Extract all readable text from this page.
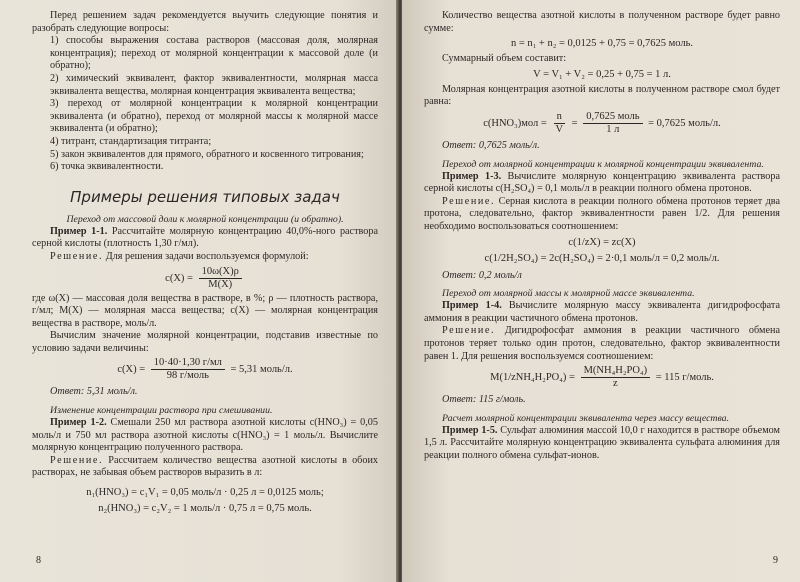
Перед решением задач рекомендуется выучить следующие понятия и разобрать следующие вопросы:

1) способы выражения состава растворов (массовая доля, молярная концентрация); переход от молярной концентрации к массовой доле (и обратно);

2) химический эквивалент, фактор эквивалентности, молярная масса эквивалента вещества, молярная концентрация эквивалента вещества;

3) переход от молярной концентрации к молярной концентрации эквивалента (и обратно), переход от молярной массы к молярной массе эквивалента (и обратно);

4) титрант, стандартизация титранта;

5) закон эквивалентов для прямого, обратного и косвенного титрования;

6) точка эквивалентности.

Примеры решения типовых задач

Переход от массовой доли к молярной концентрации (и обратно).

Пример 1-1. Рассчитайте молярную концентрацию 40,0%-ного раствора серной кислоты (плотность 1,30 г/мл).

Решение. Для решения задачи воспользуемся формулой:

$c(X) = \frac{10\omega(X)\rho}{M(X)}$

где ω(X) — массовая доля вещества в растворе, в %; ρ — плотность раствора, г/мл; M(X) — молярная масса вещества; c(X) — молярная концентрация вещества в растворе, моль/л.

Вычислим значение молярной концентрации, подставив известные по условию задачи величины:

$c(X) = \frac{10\cdot 40\cdot 1,30 г/мл}{\text{98 г/моль}} = 5,31$ моль/л.

Ответ: 5,31 моль/л.

Изменение концентрации раствора при смешивании.

Пример 1-2. Смешали 250 мл раствора азотной кислоты c(HNO₃) = 0,05 моль/л и 750 мл раствора азотной кислоты c(HNO₃) = 1 моль/л. Вычислите молярную концентрацию полученного раствора.

Решение. Рассчитаем количество вещества азотной кислоты в обоих растворах, не забывая объем растворов выразить в л:

n₁(HNO₃) = c₁V₁ = 0,05 моль/л · 0,25 л = 0,0125 моль;
n₂(HNO₃) = c₂V₂ = 1 моль/л · 0,75 л = 0,75 моль.
8

Количество вещества азотной кислоты в полученном растворе будет равно сумме:

n = n₁ + n₂ = 0,0125 + 0,75 = 0,7625 моль.

Суммарный объем составит:

V = V₁ + V₂ = 0,25 + 0,75 = 1 л.

Молярная концентрация азотной кислоты в полученном растворе cмол будет равна:

$c(HNO_3)мол = \frac{n}{V} = \frac{\text{0,7625 моль}}{1 л} = 0,7625$ моль/л.

Ответ: 0,7625 моль/л.

Переход от молярной концентрации к молярной концентрации эквивалента.

Пример 1-3. Вычислите молярную концентрацию эквивалента раствора серной кислоты c(H₂SO₄) = 0,1 моль/л в реакции полного обмена протонов.

Решение. Серная кислота в реакции полного обмена протонов теряет два протона, следовательно, фактор эквивалентности равен 1/2. Для решения необходимо воспользоваться соотношением:

c(1/zX) = zc(X)
c(1/2H₂SO₄) = 2c(H₂SO₄) = 2·0,1 моль/л = 0,2 моль/л.

Ответ: 0,2 моль/л

Переход от молярной массы к молярной массе эквивалента.

Пример 1-4. Вычислите молярную массу эквивалента дигидрофосфата аммония в реакции частичного обмена протонов.

Решение. Дигидрофосфат аммония в реакции частичного обмена протонов теряет только один протон, следовательно, фактор эквивалентности равен 1. Для решения воспользуемся соотношением:

$M(1/zNH_4H_2PO_4) = \frac{\text{M(NH₄H₂PO₄)}}{z} = 115$ г/моль.

Ответ: 115 г/моль.

Расчет молярной концентрации эквивалента через массу вещества.

Пример 1-5. Сульфат алюминия массой 10,0 г находится в растворе объемом 1,5 л. Рассчитайте молярную концентрацию эквивалента сульфата алюминия для реакции полного обмена сульфат-ионов.

9
